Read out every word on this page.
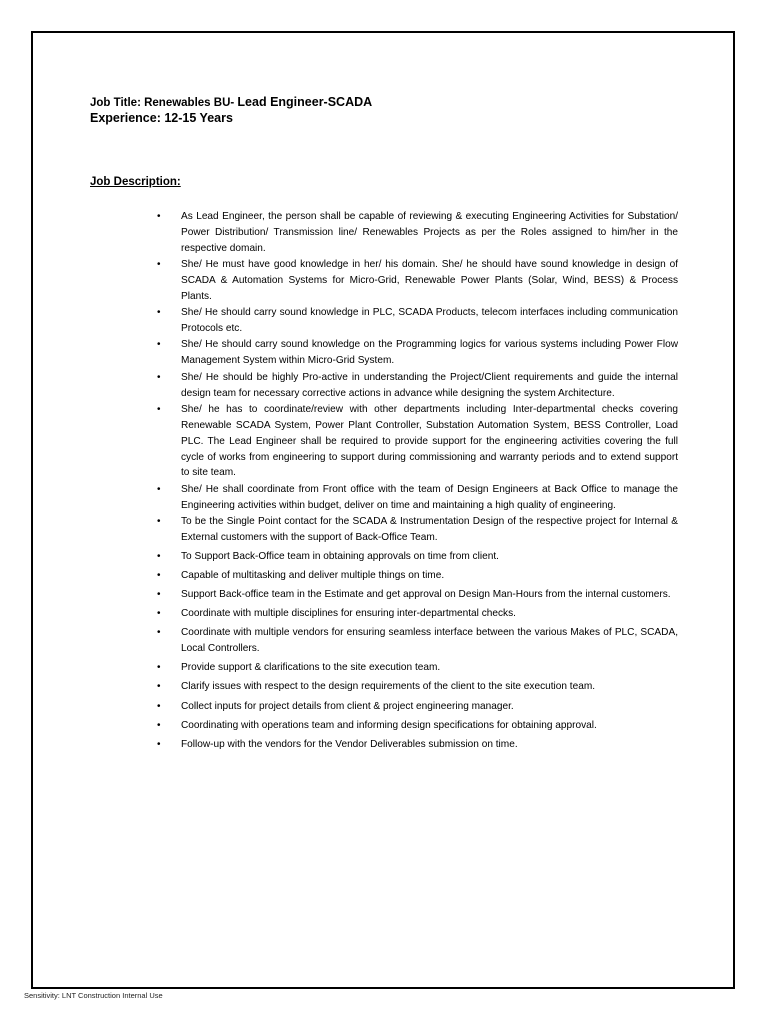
Job Title: Renewables BU- Lead Engineer-SCADA
Experience: 12-15 Years
Job Description:
• As Lead Engineer, the person shall be capable of reviewing & executing Engineering Activities for Substation/ Power Distribution/ Transmission line/ Renewables Projects as per the Roles assigned to him/her in the respective domain.
• She/ He must have good knowledge in her/ his domain. She/ he should have sound knowledge in design of SCADA & Automation Systems for Micro-Grid, Renewable Power Plants (Solar, Wind, BESS) & Process Plants.
• She/ He should carry sound knowledge in PLC, SCADA Products, telecom interfaces including communication Protocols etc.
• She/ He should carry sound knowledge on the Programming logics for various systems including Power Flow Management System within Micro-Grid System.
• She/ He should be highly Pro-active in understanding the Project/Client requirements and guide the internal design team for necessary corrective actions in advance while designing the system Architecture.
• She/ he has to coordinate/review with other departments including Inter-departmental checks covering Renewable SCADA System, Power Plant Controller, Substation Automation System, BESS Controller, Load PLC. The Lead Engineer shall be required to provide support for the engineering activities covering the full cycle of works from engineering to support during commissioning and warranty periods and to extend support to site team.
• She/ He shall coordinate from Front office with the team of Design Engineers at Back Office to manage the Engineering activities within budget, deliver on time and maintaining a high quality of engineering.
• To be the Single Point contact for the SCADA & Instrumentation Design of the respective project for Internal & External customers with the support of Back-Office Team.
• To Support Back-Office team in obtaining approvals on time from client.
• Capable of multitasking and deliver multiple things on time.
• Support Back-office team in the Estimate and get approval on Design Man-Hours from the internal customers.
• Coordinate with multiple disciplines for ensuring inter-departmental checks.
• Coordinate with multiple vendors for ensuring seamless interface between the various Makes of PLC, SCADA, Local Controllers.
• Provide support & clarifications to the site execution team.
• Clarify issues with respect to the design requirements of the client to the site execution team.
• Collect inputs for project details from client & project engineering manager.
• Coordinating with operations team and informing design specifications for obtaining approval.
• Follow-up with the vendors for the Vendor Deliverables submission on time.
Sensitivity: LNT Construction Internal Use
